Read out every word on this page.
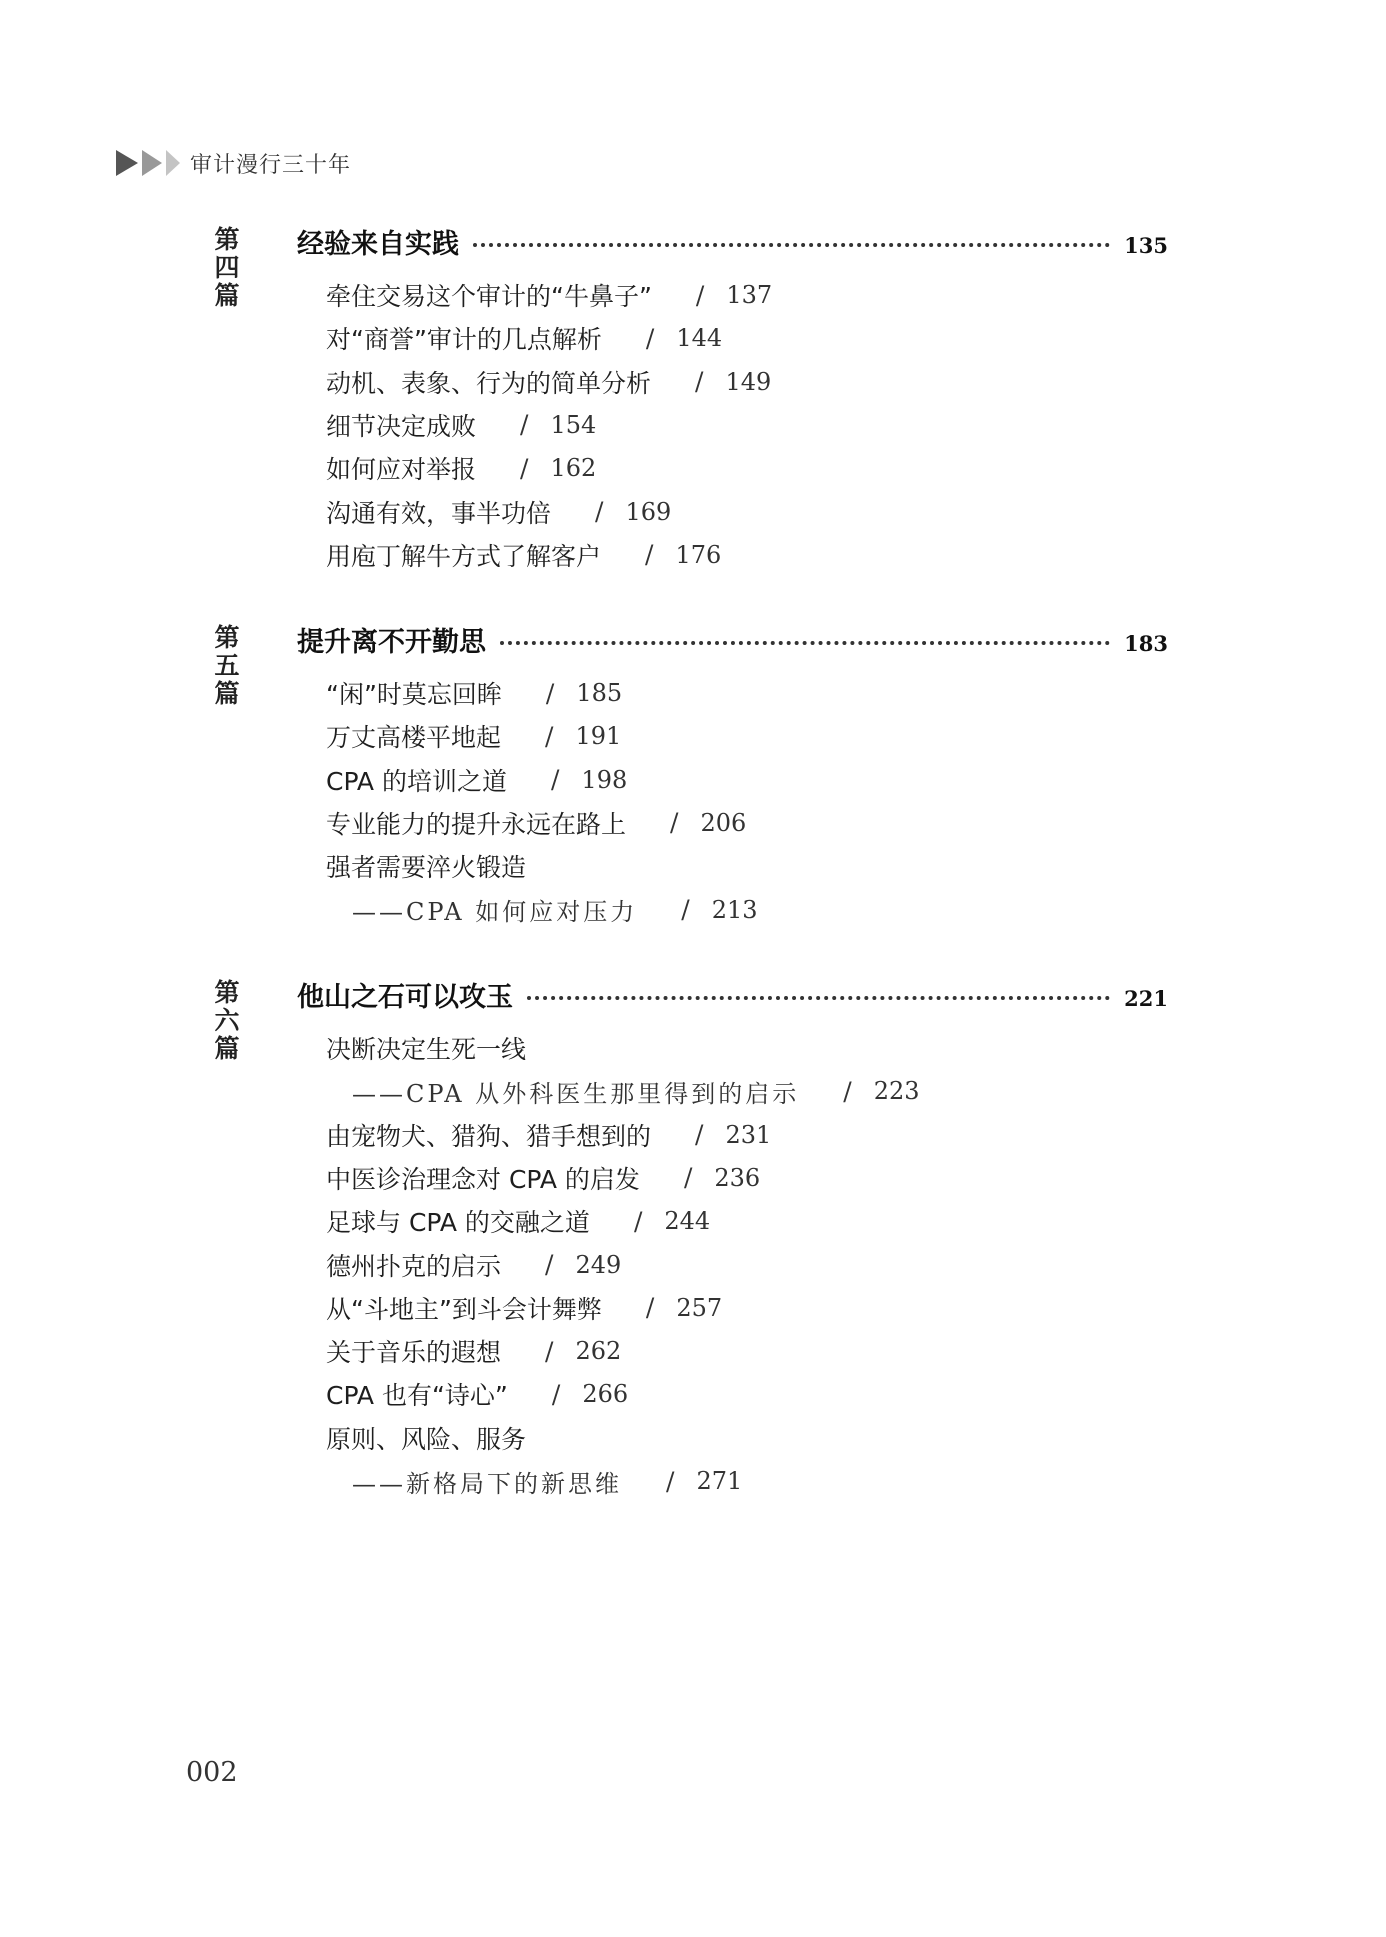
审计漫行三十年
第
四
篇
经验来自实践	135
牵住交易这个审计的“牛鼻子” / 137
对“商誉”审计的几点解析 / 144
动机、表象、行为的简单分析 / 149
细节决定成败 / 154
如何应对举报 / 162
沟通有效，事半功倍 / 169
用庖丁解牛方式了解客户 / 176
第
五
篇
提升离不开勤思	183
“闲”时莫忘回眸 / 185
万丈高楼平地起 / 191
CPA 的培训之道 / 198
专业能力的提升永远在路上 / 206
强者需要淬火锻造
——CPA 如何应对压力 / 213
第
六
篇
他山之石可以攻玉	221
决断决定生死一线
——CPA 从外科医生那里得到的启示 / 223
由宠物犬、猎狗、猎手想到的 / 231
中医诊治理念对 CPA 的启发 / 236
足球与 CPA 的交融之道 / 244
德州扑克的启示 / 249
从“斗地主”到斗会计舞弊 / 257
关于音乐的遐想 / 262
CPA 也有“诗心” / 266
原则、风险、服务
——新格局下的新思维 / 271
002
